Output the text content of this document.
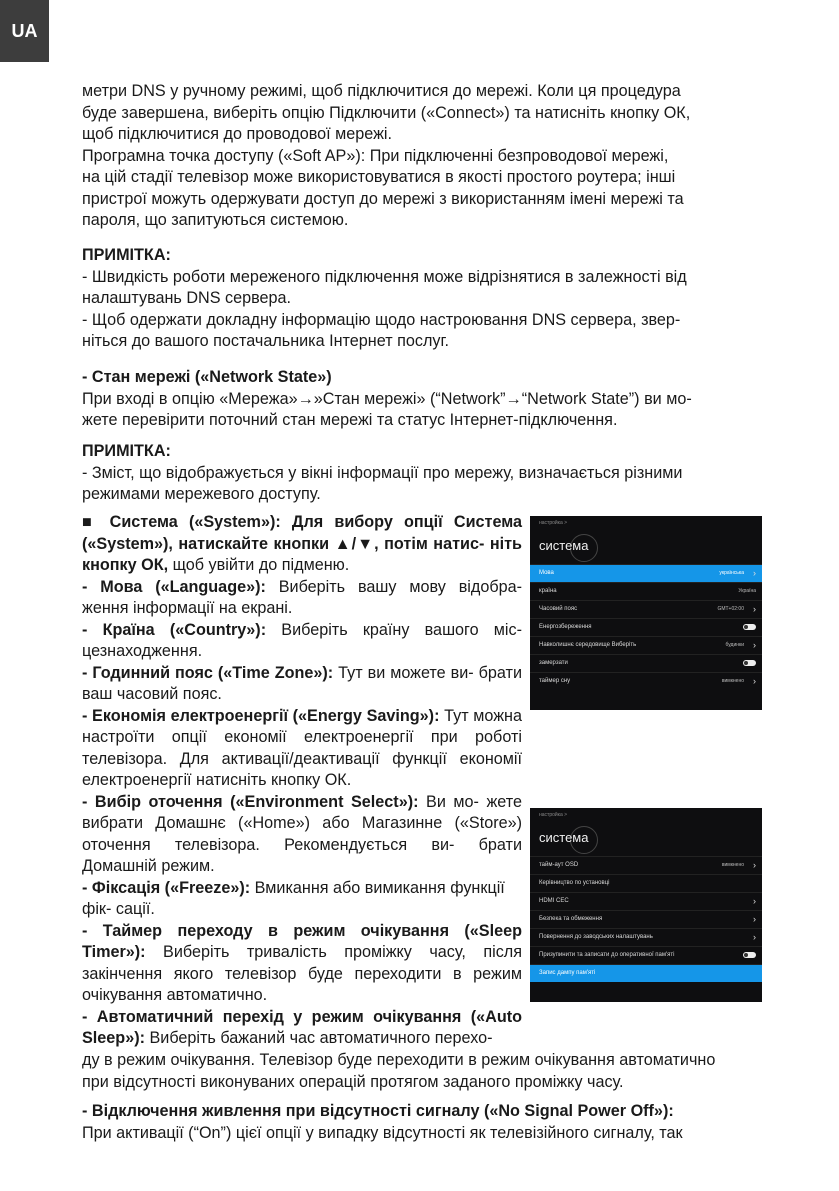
UA
метри DNS у ручному режимі, щоб підключитися до мережі. Коли ця процедура
буде завершена, виберіть опцію Підключити («Connect») та натисніть кнопку ОК,
щоб підключитися до проводової мережі.
Програмна точка доступу («Soft AP»): При підключенні безпроводової мережі,
на цій стадії телевізор може використовуватися в якості простого роутера; інші
пристрої можуть одержувати доступ до мережі з використанням імені мережі та
пароля, що запитуються системою.
ПРИМІТКА:
- Швидкість роботи мереженого підключення може відрізнятися в залежності від
налаштувань DNS сервера.
- Щоб одержати докладну інформацію щодо настроювання DNS сервера, звер-
ніться до вашого постачальника Інтернет послуг.
- Стан мережі («Network State»)
При вході в опцію «Мережа»→»Стан мережі» (“Network”→“Network State”) ви мо-
жете перевірити поточний стан мережі та статус Інтернет-підключення.
ПРИМІТКА:
- Зміст, що відображується у вікні інформації про мережу, визначається різними
режимами мережевого доступу.
■ Система («System»): Для вибору опції Система («System»), натискайте кнопки ▲/▼, потім натис- ніть кнопку ОК, щоб увійти до підменю.
- Мова («Language»): Виберіть вашу мову відобра- ження інформації на екрані.
- Країна («Country»): Виберіть країну вашого міс- цезнаходження.
- Годинний пояс («Time Zone»): Тут ви можете ви- брати ваш часовий пояс.
- Економія електроенергії («Energy Saving»): Тут можна настроїти опції економії електроенергії при роботі телевізора. Для активації/деактивації функції економії електроенергії натисніть кнопку ОК.
- Вибір оточення («Environment Select»): Ви мо- жете вибрати Домашнє («Home») або Магазинне («Store») оточення телевізора. Рекомендується ви- брати Домашній режим.
- Фіксація («Freeze»): Вмикання або вимикання функції фік- сації.
- Таймер переходу в режим очікування («Sleep Timer»): Виберіть тривалість проміжку часу, після закінчення якого телевізор буде переходити в режим очікування автоматично.
- Автоматичний перехід у режим очікування («Auto Sleep»): Виберіть бажаний час автоматичного перехо-
ду в режим очікування. Телевізор буде переходити в режим очікування автоматично
при відсутності виконуваних операцій протягом заданого проміжку часу.
- Відключення живлення при відсутності сигналу («No Signal Power Off»):
При активації (“On”) цієї опції у випадку відсутності як телевізійного сигналу, так
настройка >
система
Мова	українська ›
країна	Україна
Часовий пояс	GMT+02:00 ›
Енергозбереження
Навколишнє середовище Виберіть	будинки ›
замерзати
таймер сну	вимкнено ›
настройка >
система
тайм-аут OSD	вимкнено ›
Керівництво по установці
HDMI CEC	›
Безпека та обмеження	›
Повернення до заводських налаштувань	›
Призупинити та записати до оперативної пам'яті
Запис дампу пам'яті
